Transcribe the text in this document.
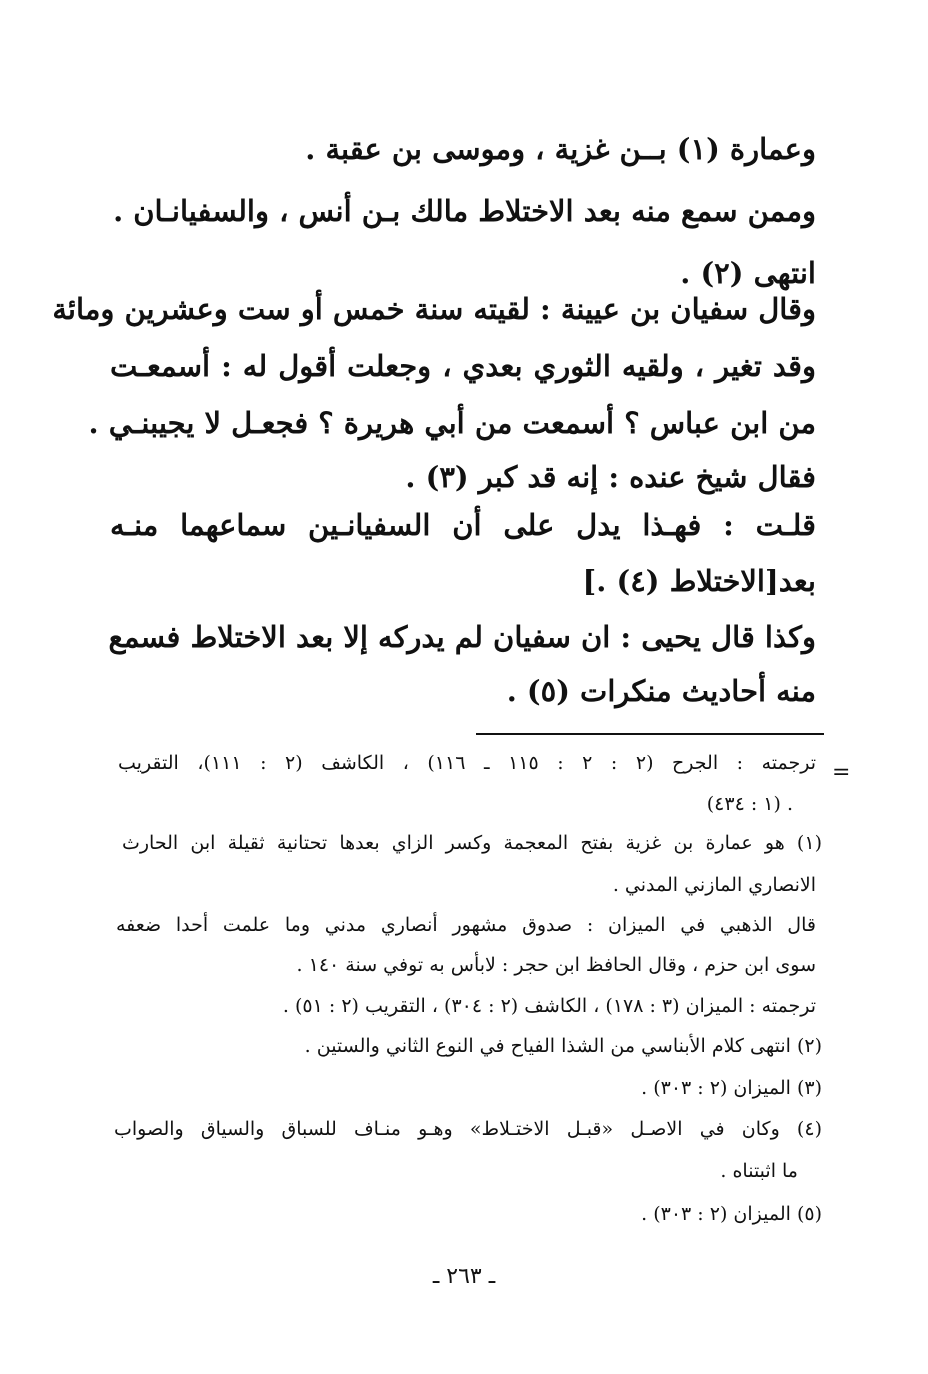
وعمارة (١) بــن غزية ، وموسى بن عقبة .
وممن سمع منه بعد الاختلاط مالك بـن أنس ، والسفيانـان .
انتهى (٢) .
وقال سفيان بن عيينة : لقيته سنة خمس أو ست وعشرين ومائة
وقد تغير ، ولقيه الثوري بعدي ، وجعلت أقول له : أسمعـت
من ابن عباس ؟ أسمعت من أبي هريرة ؟ فجعـل لا يجيبنـي .
فقال شيخ عنده : إنه قد كبر (٣) .
قلـت : فهـذا يدل على أن السفيانـين سماعهما منـه
بعد[الاختلاط (٤) .]
وكذا قال يحيى : ان سفيان لم يدركه إلا بعد الاختلاط فسمع
منه أحاديث منكرات (٥) .
=
ترجمته : الجرح (٢ : ٢ : ١١٥ ـ ١١٦) ، الكاشف (٢ : ١١١)، التقريب
(١ : ٤٣٤) .
(١) هو عمارة بن غزية بفتح المعجمة وكسر الزاي بعدها تحتانية ثقيلة ابن الحارث
الانصاري المازني المدني .
قال الذهبي في الميزان : صدوق مشهور أنصاري مدني وما علمت أحدا ضعفه
سوى ابن حزم ، وقال الحافظ ابن حجر : لابأس به توفي سنة ١٤٠ .
ترجمته : الميزان (٣ : ١٧٨) ، الكاشف (٢ : ٣٠٤) ، التقريب (٢ : ٥١) .
(٢) انتهى كلام الأبناسي من الشذا الفياح في النوع الثاني والستين .
(٣) الميزان (٢ : ٣٠٣) .
(٤) وكان في الاصـل «قبـل الاختـلاط» وهـو منـاف للسباق والسياق والصواب
ما اثبتناه .
(٥) الميزان (٢ : ٣٠٣) .
ـ ٢٦٣ ـ
